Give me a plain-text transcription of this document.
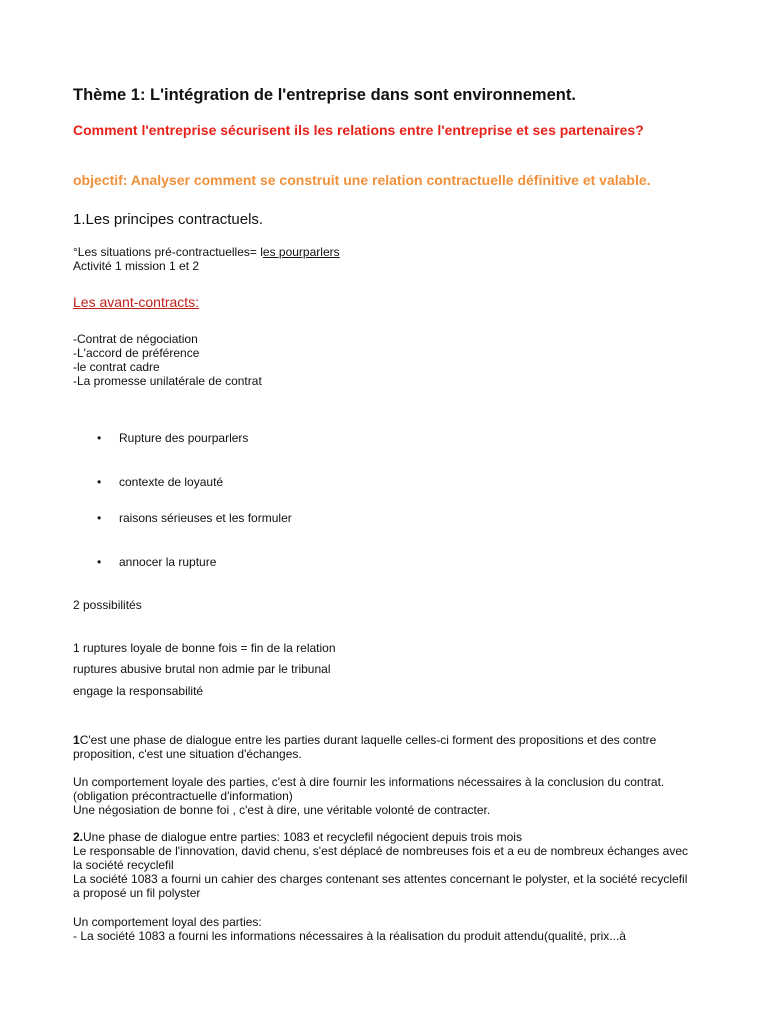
Thème 1: L'intégration de l'entreprise dans sont environnement.
Comment l'entreprise sécurisent ils les relations entre l'entreprise et ses partenaires?
objectif: Analyser comment se construit une relation contractuelle définitive et valable.
1.Les principes contractuels.
°Les situations pré-contractuelles= les pourparlers
Activité 1 mission 1 et 2
Les avant-contracts:
-Contrat de négociation
-L'accord de préférence
-le contrat cadre
-La promesse unilatérale de contrat
• Rupture des pourparlers
• contexte de loyauté
• raisons sérieuses et les formuler
• annocer la rupture
2 possibilités
1 ruptures loyale de bonne fois = fin de la relation
ruptures abusive brutal non admie par le tribunal
engage la responsabilité
1C'est une phase de dialogue entre les parties durant laquelle celles-ci forment des propositions et des contre proposition, c'est une situation d'échanges.
Un comportement loyale des parties, c'est à dire fournir les informations nécessaires à la conclusion du contrat.(obligation précontractuelle d'information)
Une négosiation de bonne foi , c'est à dire, une véritable volonté de contracter.
2.Une phase de dialogue entre parties: 1083 et recyclefil négocient depuis trois mois
Le responsable de l'innovation, david chenu, s'est déplacé de nombreuses fois et a eu de nombreux échanges avec la société recyclefil
La société 1083 a fourni un cahier des charges contenant ses attentes concernant le polyster, et la société recyclefil a proposé un fil polyster
Un comportement loyal des parties:
- La société 1083 a fourni les informations nécessaires à la réalisation du produit attendu(qualité, prix...à
